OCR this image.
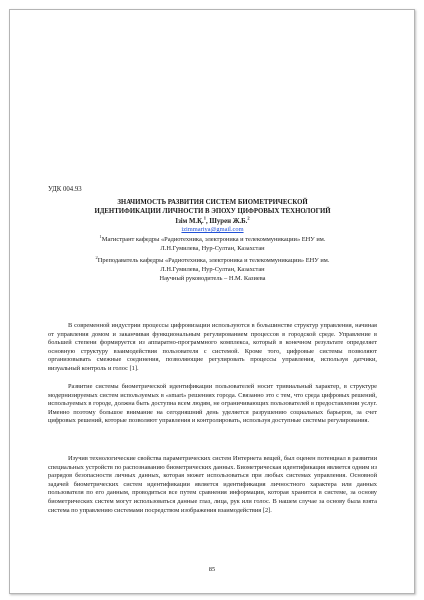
УДК 004.93
ЗНАЧИМОСТЬ РАЗВИТИЯ СИСТЕМ БИОМЕТРИЧЕСКОЙ
ИДЕНТИФИКАЦИИ ЛИЧНОСТИ В ЭПОХУ ЦИФРОВЫХ ТЕХНОЛОГИЙ
Ізім М.Қ.$^1$, Шурен Ж.Б.$^2$
izimmariya@gmail.com
$^1$Магистрант кафедры «Радиотехника, электроника и телекоммуникации» ЕНУ им.
Л.Н.Гумилева, Нур-Султан, Казахстан
$^2$Преподаватель кафедры «Радиотехника, электроника и телекоммуникации» ЕНУ им.
Л.Н.Гумилева, Нур-Султан, Казахстан
Научный руководитель – Н.М. Казиева

В современной индустрии процессы цифровизации используются в большинстве структур управления, начиная от управления домом и заканчивая функциональным регулированием процессов в городской среде. Управление в большей степени формируется из аппаратно-программного комплекса, который в конечном результате определяет основную структуру взаимодействия пользователя с системой. Кроме того, цифровые системы позволяют организовывать смежные соединения, позволяющие регулировать процессы управления, используя датчики, визуальный контроль и голос [1].

Развитие системы биометрической идентификации пользователей носит тривиальный характер, в структуре модернизируемых систем используемых в «smart» решениях города. Связанно это с тем, что среда цифровых решений, используемых в городе, должна быть доступна всем людям, не ограничивающих пользователей в предоставлении услуг. Именно поэтому большое внимание на сегодняшний день уделяется разрушению социальных барьеров, за счет цифровых решений, которые позволяют управления и контролировать, используя доступные системы регулирования.

Изучив технологические свойства параметрических систем Интернета вещей, был оценен потенциал в развитии специальных устройств по распознаванию биометрических данных. Биометрическая идентификация является одним из разрядов безопасности личных данных, которая может использоваться при любых системах управления. Основной задачей биометрических систем идентификации является идентификация личностного характера или данных пользователя по его данным, проводиться все путем сравнения информации, которая хранится в системе, за основу биометрических систем могут использоваться данные глаз, лица, рук или голос. В нашем случае за основу была взята система по управлению системами посредством изображения взаимодействия [2].

85
